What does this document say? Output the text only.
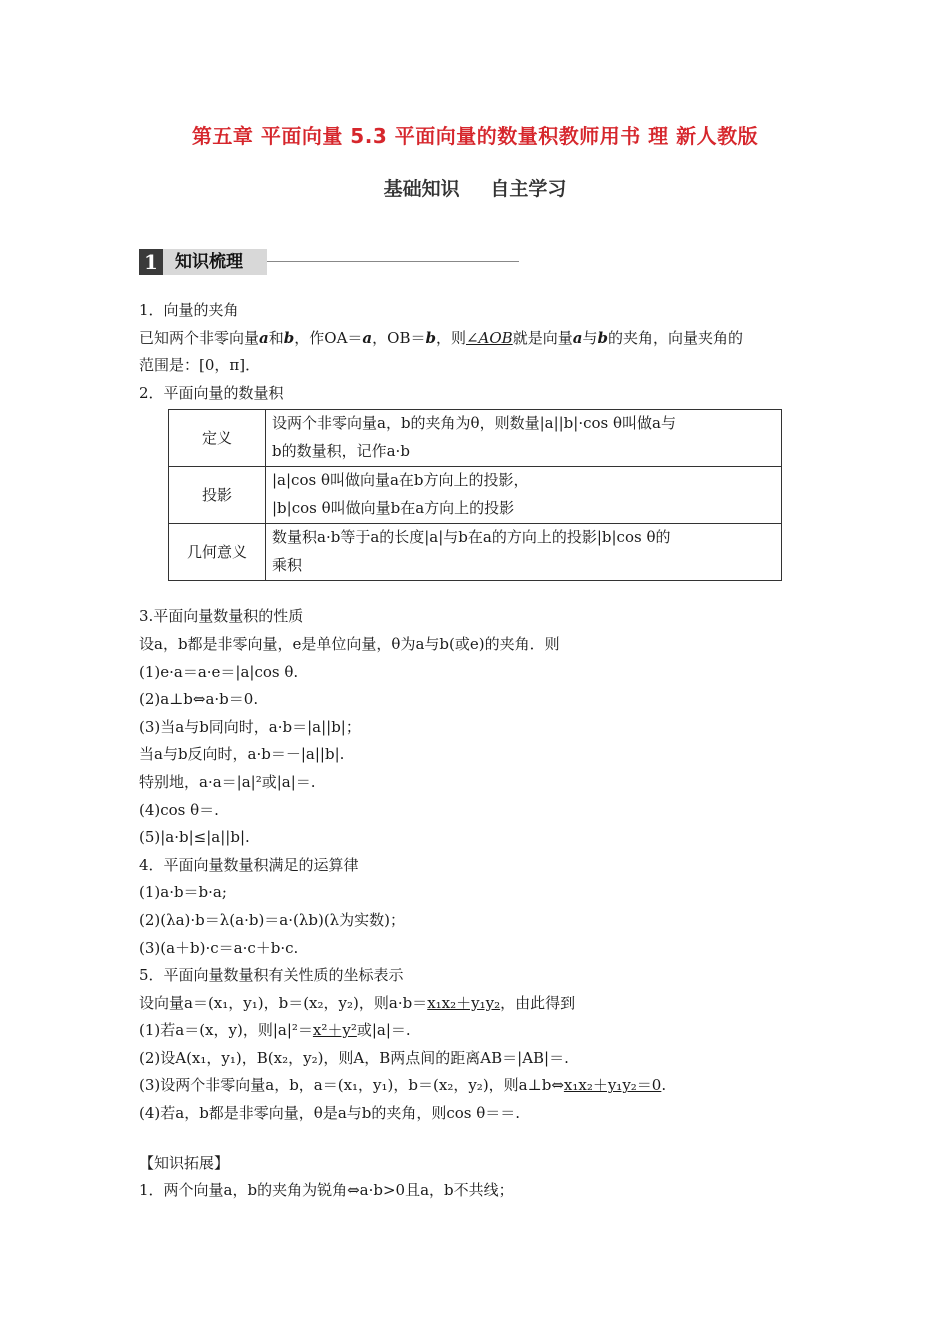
第五章 平面向量 5.3 平面向量的数量积教师用书 理 新人教版
基础知识 自主学习
1 知识梳理

1．向量的夹角

已知两个非零向量a和b，作OA＝a，OB＝b，则∠AOB就是向量a与b的夹角，向量夹角的

范围是：[0，π]．

2．平面向量的数量积

定义	设两个非零向量a，b的夹角为θ，则数量|a||b|·cos θ叫做a与
b的数量积，记作a·b

投影	|a|cos θ叫做向量a在b方向上的投影，
|b|cos θ叫做向量b在a方向上的投影

几何意义	数量积a·b等于a的长度|a|与b在a的方向上的投影|b|cos θ的
乘积

3.平面向量数量积的性质

设a，b都是非零向量，e是单位向量，θ为a与b(或e)的夹角．则

(1)e·a＝a·e＝|a|cos θ.

(2)a⊥b⇔a·b＝0.

(3)当a与b同向时，a·b＝|a||b|；

当a与b反向时，a·b＝－|a||b|.

特别地，a·a＝|a|²或|a|＝.

(4)cos θ＝.

(5)|a·b|≤|a||b|.

4．平面向量数量积满足的运算律

(1)a·b＝b·a;

(2)(λa)·b＝λ(a·b)＝a·(λb)(λ为实数)；

(3)(a＋b)·c＝a·c＋b·c.

5．平面向量数量积有关性质的坐标表示

设向量a＝(x₁，y₁)，b＝(x₂，y₂)，则a·b＝x₁x₂＋y₁y₂，由此得到

(1)若a＝(x，y)，则|a|²＝x²＋y²或|a|＝.

(2)设A(x₁，y₁)，B(x₂，y₂)，则A，B两点间的距离AB＝|AB|＝.

(3)设两个非零向量a，b，a＝(x₁，y₁)，b＝(x₂，y₂)，则a⊥b⇔x₁x₂＋y₁y₂＝0.

(4)若a，b都是非零向量，θ是a与b的夹角，则cos θ＝＝.

【知识拓展】

1．两个向量a，b的夹角为锐角⇔a·b>0且a，b不共线；
